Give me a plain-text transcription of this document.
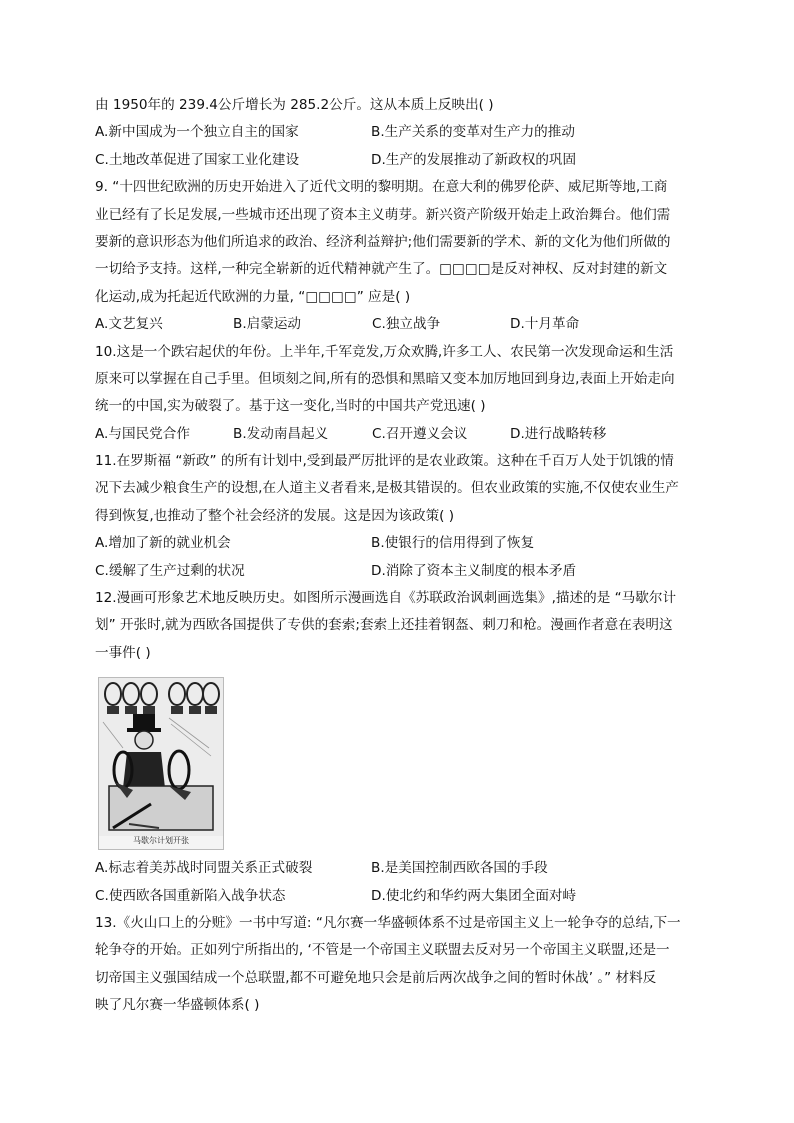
由 1950年的 239.4公斤增长为 285.2公斤。这从本质上反映出( )
A.新中国成为一个独立自主的国家	B.生产关系的变革对生产力的推动
C.土地改革促进了国家工业化建设	D.生产的发展推动了新政权的巩固
9. “十四世纪欧洲的历史开始进入了近代文明的黎明期。在意大利的佛罗伦萨、威尼斯等地,工商
业已经有了长足发展,一些城市还出现了资本主义萌芽。新兴资产阶级开始走上政治舞台。他们需
要新的意识形态为他们所追求的政治、经济利益辩护;他们需要新的学术、新的文化为他们所做的
一切给予支持。这样,一种完全崭新的近代精神就产生了。□□□□是反对神权、反对封建的新文
化运动,成为托起近代欧洲的力量, “□□□□” 应是( )
A.文艺复兴	B.启蒙运动	C.独立战争	D.十月革命
10.这是一个跌宕起伏的年份。上半年,千军竞发,万众欢腾,许多工人、农民第一次发现命运和生活
原来可以掌握在自己手里。但顷刻之间,所有的恐惧和黑暗又变本加厉地回到身边,表面上开始走向
统一的中国,实为破裂了。基于这一变化,当时的中国共产党迅速( )
A.与国民党合作	B.发动南昌起义	C.召开遵义会议	D.进行战略转移
11.在罗斯福 “新政” 的所有计划中,受到最严厉批评的是农业政策。这种在千百万人处于饥饿的情
况下去减少粮食生产的设想,在人道主义者看来,是极其错误的。但农业政策的实施,不仅使农业生产
得到恢复,也推动了整个社会经济的发展。这是因为该政策( )
A.增加了新的就业机会	B.使银行的信用得到了恢复
C.缓解了生产过剩的状况	D.消除了资本主义制度的根本矛盾
12.漫画可形象艺术地反映历史。如图所示漫画选自《苏联政治讽刺画选集》,描述的是 “马歇尔计
划” 开张时,就为西欧各国提供了专供的套索;套索上还挂着钢盔、刺刀和枪。漫画作者意在表明这
一事件( )
马歇尔计划开张
A.标志着美苏战时同盟关系正式破裂	B.是美国控制西欧各国的手段
C.使西欧各国重新陷入战争状态	D.使北约和华约两大集团全面对峙
13.《火山口上的分赃》一书中写道: “凡尔赛一华盛顿体系不过是帝国主义上一轮争夺的总结,下一
轮争夺的开始。正如列宁所指出的, ‘不管是一个帝国主义联盟去反对另一个帝国主义联盟,还是一
切帝国主义强国结成一个总联盟,都不可避免地只会是前后两次战争之间的暂时休战’ 。” 材料反
映了凡尔赛一华盛顿体系( )
